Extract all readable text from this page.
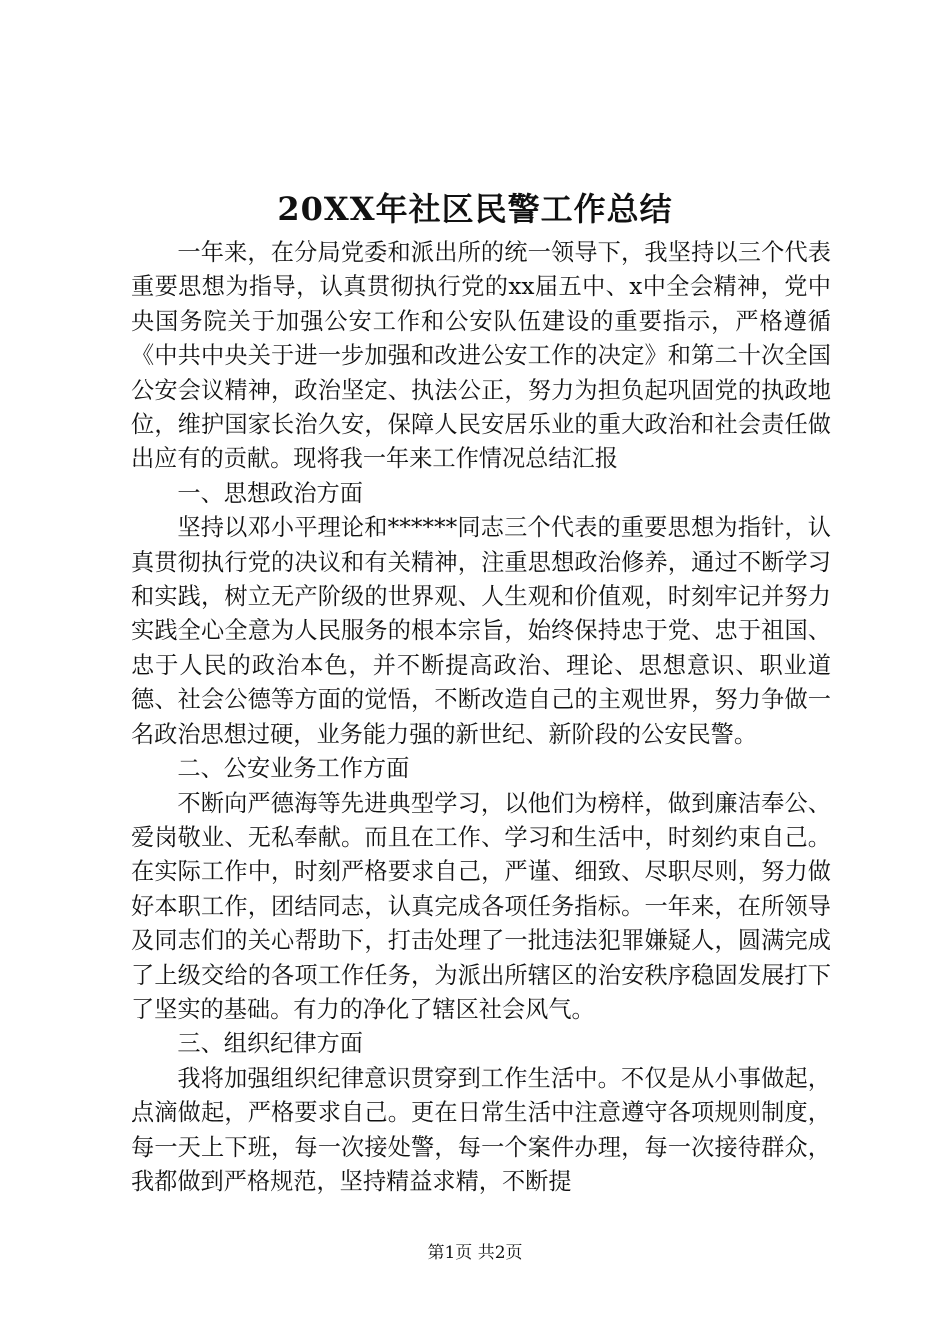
20XX年社区民警工作总结

一年来，在分局党委和派出所的统一领导下，我坚持以三个代表重要思想为指导，认真贯彻执行党的xx届五中、x中全会精神，党中央国务院关于加强公安工作和公安队伍建设的重要指示，严格遵循《中共中央关于进一步加强和改进公安工作的决定》和第二十次全国公安会议精神，政治坚定、执法公正，努力为担负起巩固党的执政地位，维护国家长治久安，保障人民安居乐业的重大政治和社会责任做出应有的贡献。现将我一年来工作情况总结汇报

一、思想政治方面

坚持以邓小平理论和******同志三个代表的重要思想为指针，认真贯彻执行党的决议和有关精神，注重思想政治修养，通过不断学习和实践，树立无产阶级的世界观、人生观和价值观，时刻牢记并努力实践全心全意为人民服务的根本宗旨，始终保持忠于党、忠于祖国、忠于人民的政治本色，并不断提高政治、理论、思想意识、职业道德、社会公德等方面的觉悟，不断改造自己的主观世界，努力争做一名政治思想过硬，业务能力强的新世纪、新阶段的公安民警。

二、公安业务工作方面

不断向严德海等先进典型学习，以他们为榜样，做到廉洁奉公、爱岗敬业、无私奉献。而且在工作、学习和生活中，时刻约束自己。在实际工作中，时刻严格要求自己，严谨、细致、尽职尽则，努力做好本职工作，团结同志，认真完成各项任务指标。一年来，在所领导及同志们的关心帮助下，打击处理了一批违法犯罪嫌疑人，圆满完成了上级交给的各项工作任务，为派出所辖区的治安秩序稳固发展打下了坚实的基础。有力的净化了辖区社会风气。

三、组织纪律方面

我将加强组织纪律意识贯穿到工作生活中。不仅是从小事做起，点滴做起，严格要求自己。更在日常生活中注意遵守各项规则制度，每一天上下班，每一次接处警，每一个案件办理，每一次接待群众，我都做到严格规范，坚持精益求精，不断提

第1页 共2页
